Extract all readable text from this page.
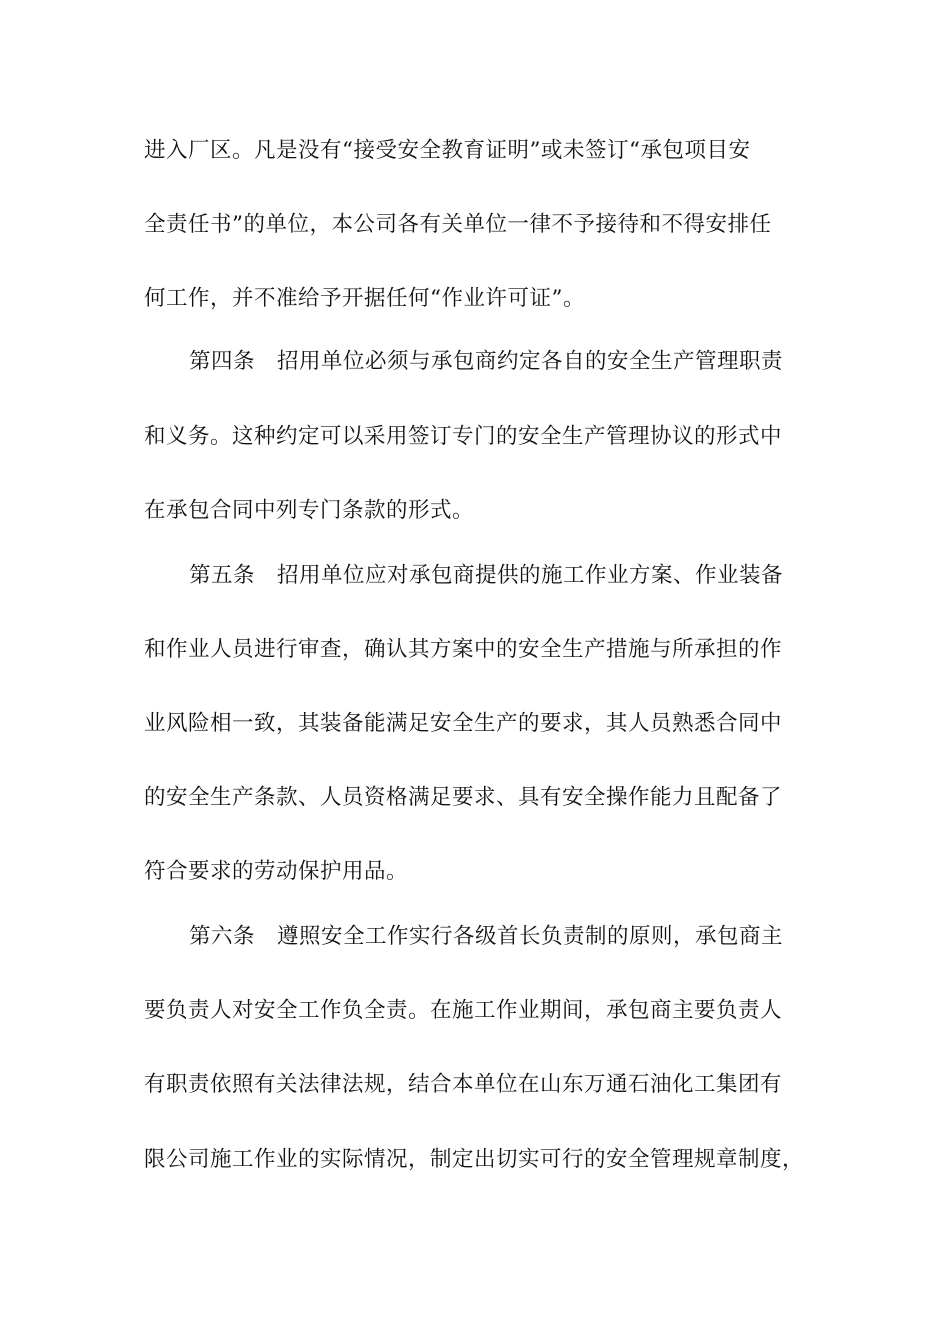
进入厂区。凡是没有“接受安全教育证明”或未签订“承包项目安
全责任书”的单位，本公司各有关单位一律不予接待和不得安排任
何工作，并不准给予开据任何“作业许可证”。
第四条　招用单位必须与承包商约定各自的安全生产管理职责
和义务。这种约定可以采用签订专门的安全生产管理协议的形式中
在承包合同中列专门条款的形式。
第五条　招用单位应对承包商提供的施工作业方案、作业装备
和作业人员进行审查，确认其方案中的安全生产措施与所承担的作
业风险相一致，其装备能满足安全生产的要求，其人员熟悉合同中
的安全生产条款、人员资格满足要求、具有安全操作能力且配备了
符合要求的劳动保护用品。
第六条　遵照安全工作实行各级首长负责制的原则，承包商主
要负责人对安全工作负全责。在施工作业期间，承包商主要负责人
有职责依照有关法律法规，结合本单位在山东万通石油化工集团有
限公司施工作业的实际情况，制定出切实可行的安全管理规章制度，
